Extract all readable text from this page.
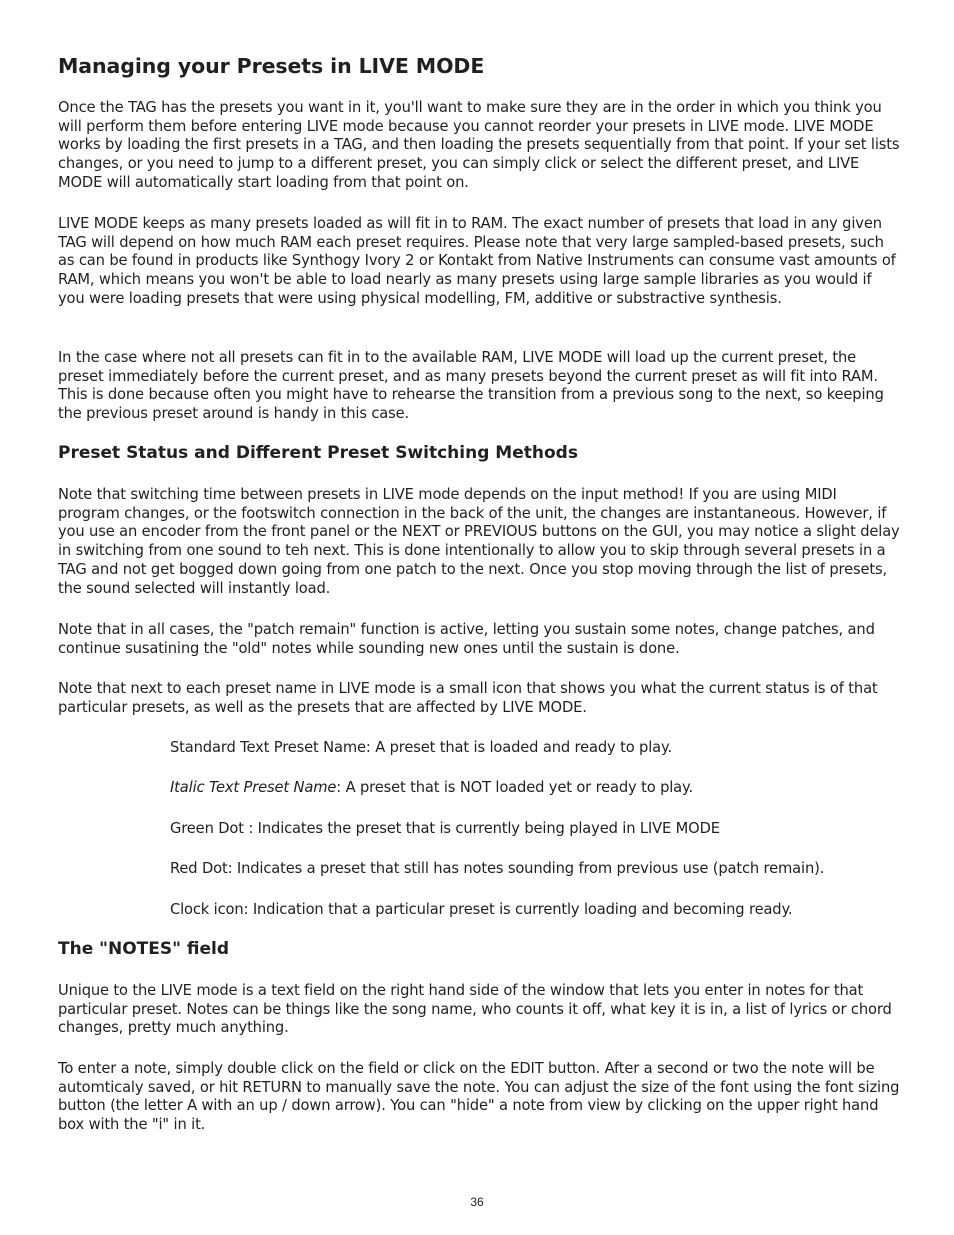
Managing your Presets in LIVE MODE

Once the TAG has the presets you want in it, you'll want to make sure they are in the order in which you think you will perform them before entering LIVE mode because you cannot reorder your presets in LIVE mode. LIVE MODE works by loading the first presets in a TAG, and then loading the presets sequentially from that point. If your set lists changes, or you need to jump to a different preset, you can simply click or select the different preset, and LIVE MODE will automatically start loading from that point on.

LIVE MODE keeps as many presets loaded as will fit in to RAM. The exact number of presets that load in any given TAG will depend on how much RAM each preset requires. Please note that very large sampled-based presets, such as can be found in products like Synthogy Ivory 2 or Kontakt from Native Instruments can consume vast amounts of RAM, which means you won't be able to load nearly as many presets using large sample libraries as you would if you were loading presets that were using physical modelling, FM, additive or substractive synthesis.

In the case where not all presets can fit in to the available RAM, LIVE MODE will load up the current preset, the preset immediately before the current preset, and as many presets beyond the current preset as will fit into RAM. This is done because often you might have to rehearse the transition from a previous song to the next, so keeping the previous preset around is handy in this case.

Preset Status and Different Preset Switching Methods

Note that switching time between presets in LIVE mode depends on the input method! If you are using MIDI program changes, or the footswitch connection in the back of the unit, the changes are instantaneous. However, if you use an encoder from the front panel or the NEXT or PREVIOUS buttons on the GUI, you may notice a slight delay in switching from one sound to teh next. This is done intentionally to allow you to skip through several presets in a TAG and not get bogged down going from one patch to the next. Once you stop moving through the list of presets, the sound selected will instantly load.

Note that in all cases, the "patch remain" function is active, letting you sustain some notes, change patches, and continue susatining the "old" notes while sounding new ones until the sustain is done.

Note that next to each preset name in LIVE mode is a small icon that shows you what the current status is of that particular presets, as well as the presets that are affected by LIVE MODE.

Standard Text Preset Name: A preset that is loaded and ready to play.

Italic Text Preset Name: A preset that is NOT loaded yet or ready to play.

Green Dot : Indicates the preset that is currently being played in LIVE MODE

Red Dot: Indicates a preset that still has notes sounding from previous use (patch remain).

Clock icon: Indication that a particular preset is currently loading and becoming ready.

The "NOTES" field

Unique to the LIVE mode is a text field on the right hand side of the window that lets you enter in notes for that particular preset. Notes can be things like the song name, who counts it off, what key it is in, a list of lyrics or chord changes, pretty much anything.

To enter a note, simply double click on the field or click on the EDIT button. After a second or two the note will be automticaly saved, or hit RETURN to manually save the note. You can adjust the size of the font using the font sizing button (the letter A with an up / down arrow). You can "hide" a note from view by clicking on the upper right hand box with the "i" in it.

36
